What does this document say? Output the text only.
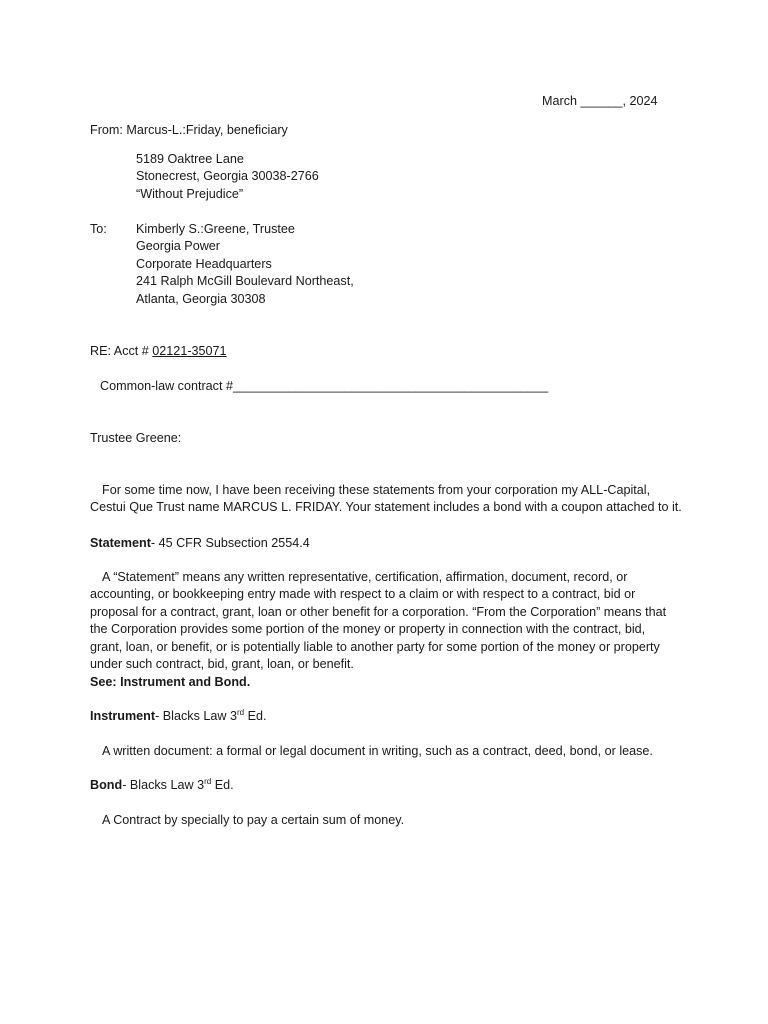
March ______, 2024

From: Marcus-L.:Friday, beneficiary

5189 Oaktree Lane
Stonecrest, Georgia 30038-2766
“Without Prejudice”

To: Kimberly S.:Greene, Trustee
Georgia Power
Corporate Headquarters
241 Ralph McGill Boulevard Northeast,
Atlanta, Georgia 30308

RE: Acct # 02121-35071

Common-law contract #_____________________________________________

Trustee Greene:

For some time now, I have been receiving these statements from your corporation my ALL-Capital, Cestui Que Trust name MARCUS L. FRIDAY. Your statement includes a bond with a coupon attached to it.

Statement- 45 CFR Subsection 2554.4

A “Statement” means any written representative, certification, affirmation, document, record, or accounting, or bookkeeping entry made with respect to a claim or with respect to a contract, bid or proposal for a contract, grant, loan or other benefit for a corporation. “From the Corporation” means that the Corporation provides some portion of the money or property in connection with the contract, bid, grant, loan, or benefit, or is potentially liable to another party for some portion of the money or property under such contract, bid, grant, loan, or benefit.

See: Instrument and Bond.

Instrument- Blacks Law 3rd Ed.

A written document: a formal or legal document in writing, such as a contract, deed, bond, or lease.

Bond- Blacks Law 3rd Ed.

A Contract by specially to pay a certain sum of money.
